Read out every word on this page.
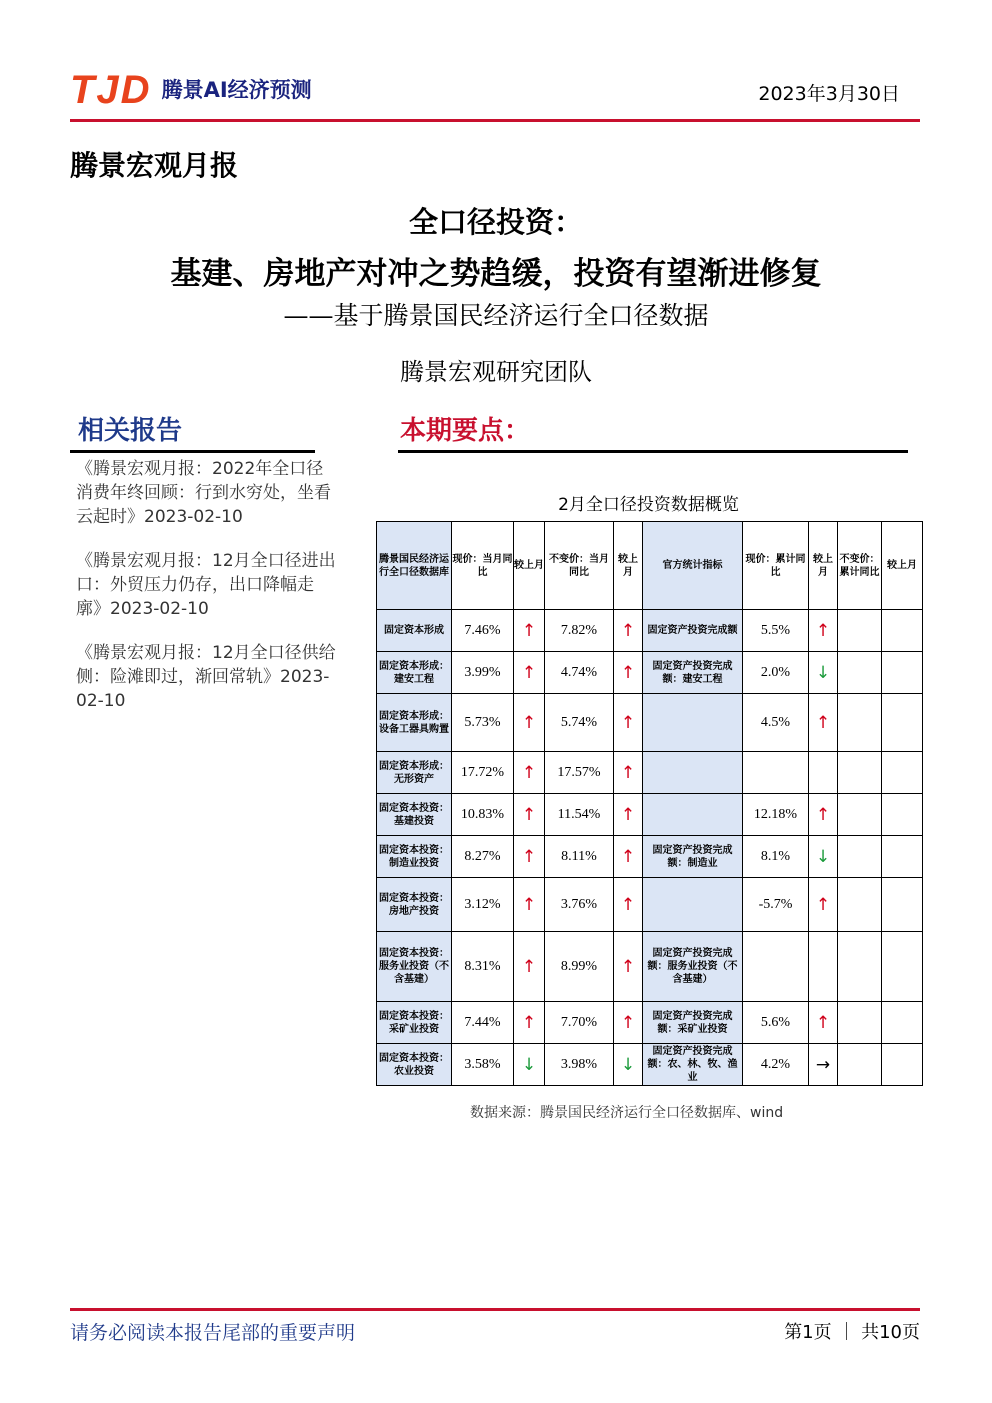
TJD 腾景AI经济预测	2023年3月30日
腾景宏观月报
全口径投资：
基建、房地产对冲之势趋缓，投资有望渐进修复
——基于腾景国民经济运行全口径数据
腾景宏观研究团队
相关报告	本期要点：
《腾景宏观月报：2022年全口径消费年终回顾：行到水穷处，坐看云起时》2023-02-10
《腾景宏观月报：12月全口径进出口：外贸压力仍存，出口降幅走廓》2023-02-10
《腾景宏观月报：12月全口径供给侧：险滩即过，渐回常轨》2023-02-10
2月全口径投资数据概览
腾景国民经济运行全口径数据库	现价：当月同比	较上月	不变价：当月同比	较上月	官方统计指标	现价：累计同比	较上月	不变价：累计同比	较上月
固定资本形成	7.46%	↑	7.82%	↑	固定资产投资完成额	5.5%	↑		
固定资本形成：建安工程	3.99%	↑	4.74%	↑	固定资产投资完成额：建安工程	2.0%	↓		
固定资本形成：设备工器具购置	5.73%	↑	5.74%	↑		4.5%	↑		
固定资本形成：无形资产	17.72%	↑	17.57%	↑					
固定资本投资：基建投资	10.83%	↑	11.54%	↑		12.18%	↑		
固定资本投资：制造业投资	8.27%	↑	8.11%	↑	固定资产投资完成额：制造业	8.1%	↓		
固定资本投资：房地产投资	3.12%	↑	3.76%	↑		-5.7%	↑		
固定资本投资：服务业投资（不含基建）	8.31%	↑	8.99%	↑	固定资产投资完成额：服务业投资（不含基建）				
固定资本投资：采矿业投资	7.44%	↑	7.70%	↑	固定资产投资完成额：采矿业投资	5.6%	↑		
固定资本投资：农业投资	3.58%	↓	3.98%	↓	固定资产投资完成额：农、林、牧、渔业	4.2%	→		
数据来源：腾景国民经济运行全口径数据库、wind
请务必阅读本报告尾部的重要声明	第1页 ｜ 共10页
